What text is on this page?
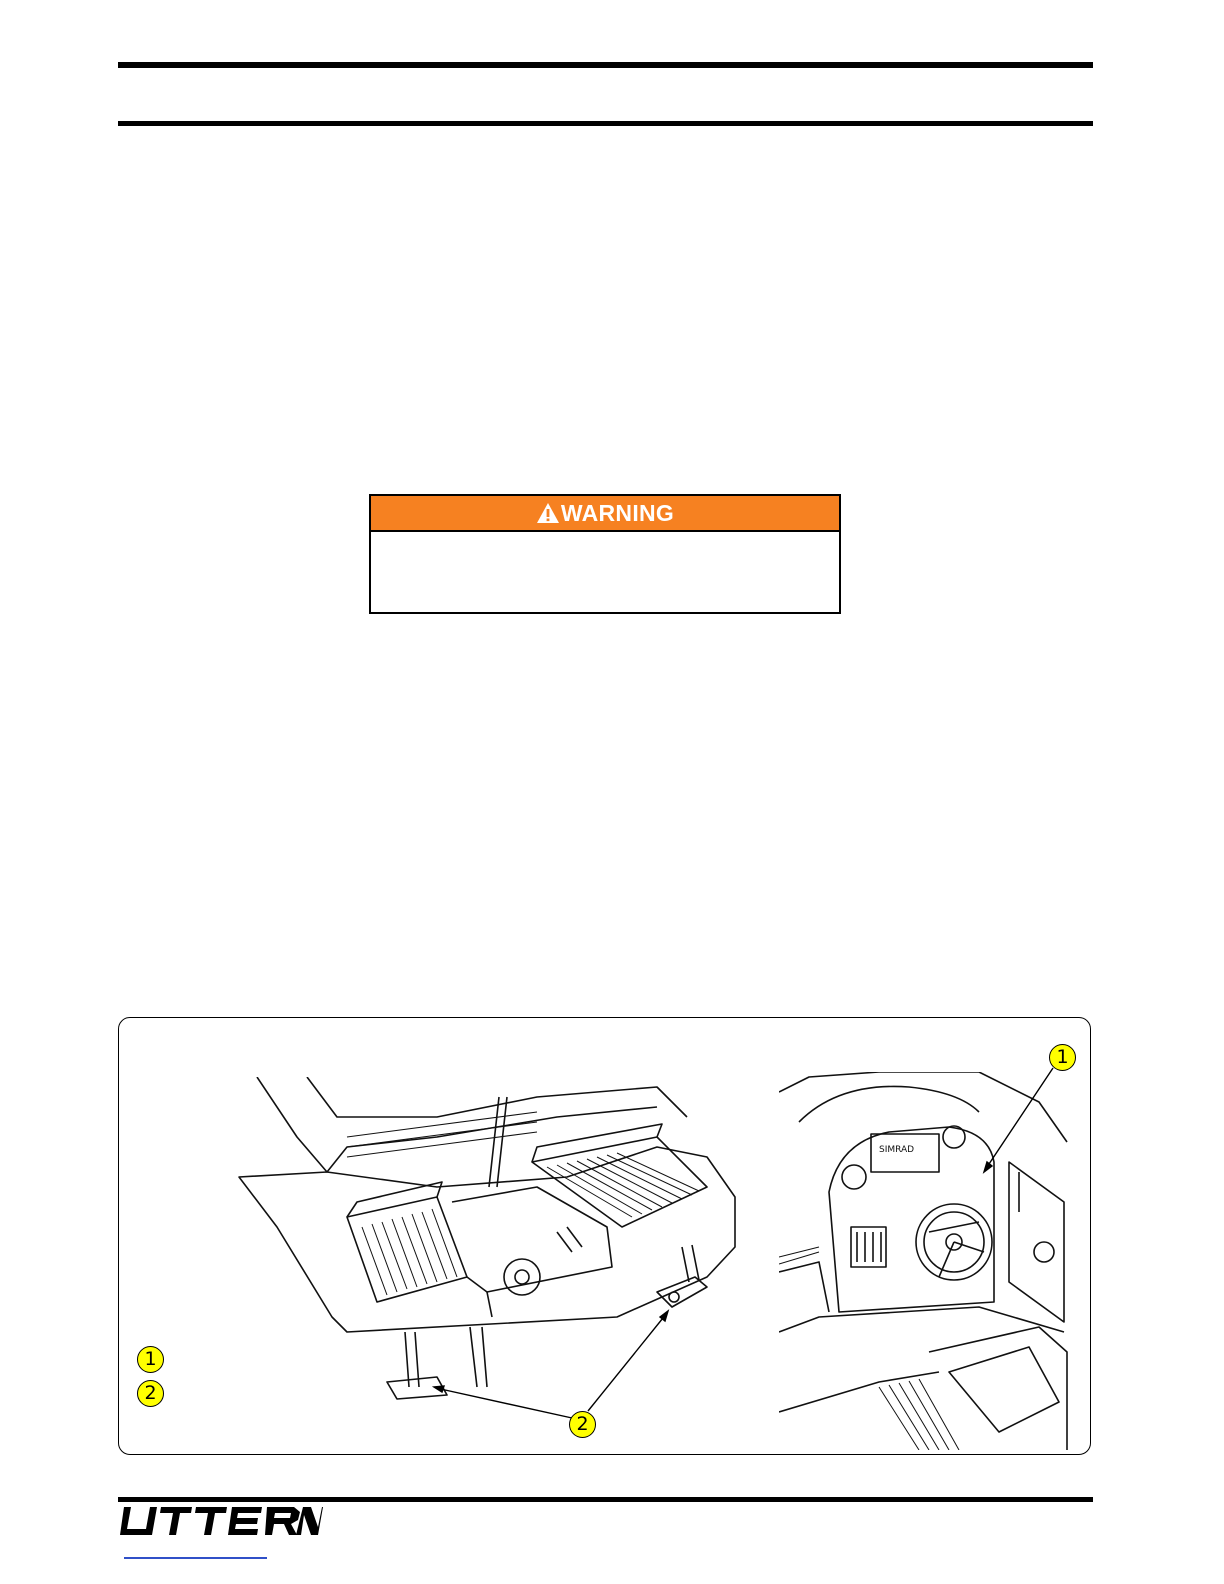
WARNING
SIMRAD
1
2
2
1
